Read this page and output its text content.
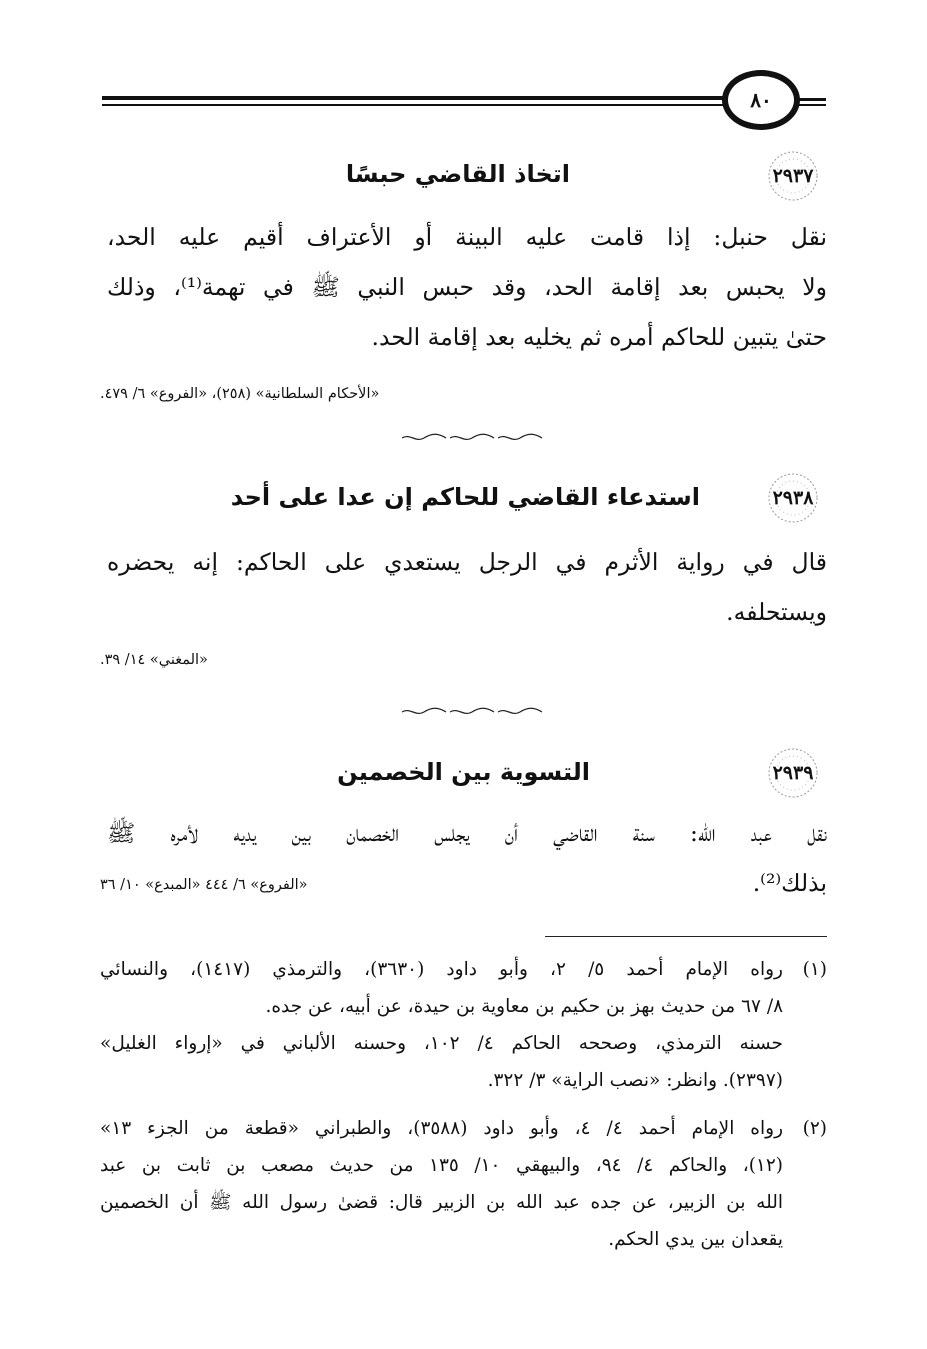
٨٠
٢٩٣٧
اتخاذ القاضي حبسًا
نقل حنبل: إذا قامت عليه البينة أو الأعتراف أقيم عليه الحد،
ولا يحبس بعد إقامة الحد، وقد حبس النبي ﷺ في تهمة⁽¹⁾، وذلك
حتىٰ يتبين للحاكم أمره ثم يخليه بعد إقامة الحد.
«الأحكام السلطانية» (٢٥٨)، «الفروع» ٦/ ٤٧٩.
٢٩٣٨
استدعاء القاضي للحاكم إن عدا على أحد
قال في رواية الأثرم في الرجل يستعدي على الحاكم: إنه يحضره
ويستحلفه.
«المغني» ١٤/ ٣٩.
٢٩٣٩
التسوية بين الخصمين
نقل عبد الله: سنة القاضي أن يجلس الخصمان بين يديه لأمره ﷺ
بذلك⁽²⁾.
«الفروع» ٦/ ٤٤٤ «المبدع» ١٠/ ٣٦
(١)
رواه الإمام أحمد ٥/ ٢، وأبو داود (٣٦٣٠)، والترمذي (١٤١٧)، والنسائي
٨/ ٦٧ من حديث بهز بن حكيم بن معاوية بن حيدة، عن أبيه، عن جده.
حسنه الترمذي، وصححه الحاكم ٤/ ١٠٢، وحسنه الألباني في «إرواء الغليل»
(٢٣٩٧). وانظر: «نصب الراية» ٣/ ٣٢٢.
(٢)
رواه الإمام أحمد ٤/ ٤، وأبو داود (٣٥٨٨)، والطبراني «قطعة من الجزء ١٣»
(١٢)، والحاكم ٤/ ٩٤، والبيهقي ١٠/ ١٣٥ من حديث مصعب بن ثابت بن عبد
الله بن الزبير، عن جده عبد الله بن الزبير قال: قضىٰ رسول الله ﷺ أن الخصمين
يقعدان بين يدي الحكم.
